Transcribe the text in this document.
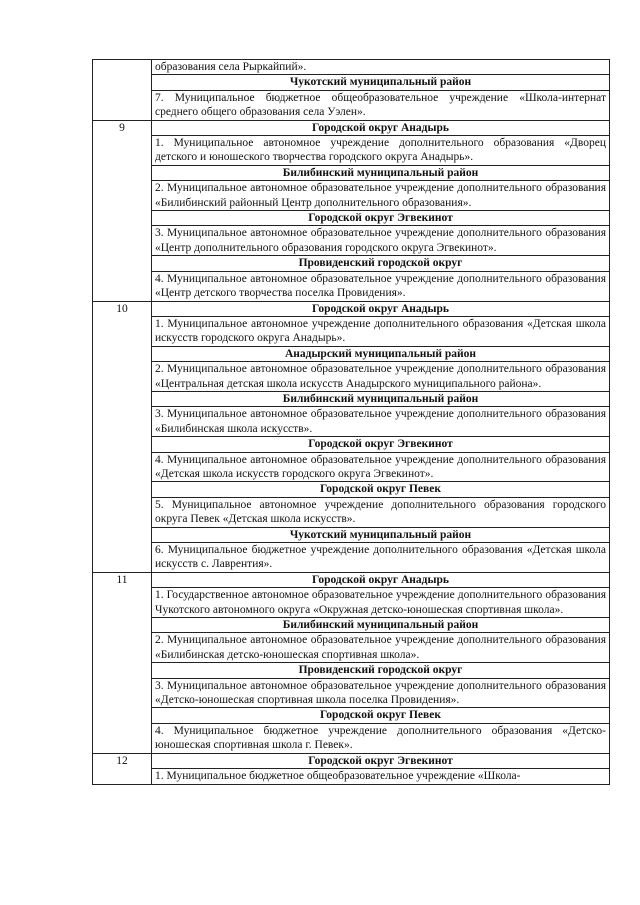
	образования села Рыркайпий».
	Чукотский муниципальный район
	7. Муниципальное бюджетное общеобразовательное учреждение «Школа-интернат среднего общего образования села Уэлен».
9	Городской округ Анадырь
	1. Муниципальное автономное учреждение дополнительного образования «Дворец детского и юношеского творчества городского округа Анадырь».
	Билибинский муниципальный район
	2. Муниципальное автономное образовательное учреждение дополнительного образования «Билибинский районный Центр дополнительного образования».
	Городской округ Эгвекинот
	3. Муниципальное автономное образовательное учреждение дополнительного образования «Центр дополнительного образования городского округа Эгвекинот».
	Провиденский городской округ
	4. Муниципальное автономное образовательное учреждение дополнительного образования «Центр детского творчества поселка Провидения».
10	Городской округ Анадырь
	1. Муниципальное автономное учреждение дополнительного образования «Детская школа искусств городского округа Анадырь».
	Анадырский муниципальный район
	2. Муниципальное автономное образовательное учреждение дополнительного образования «Центральная детская школа искусств Анадырского муниципального района».
	Билибинский муниципальный район
	3. Муниципальное автономное образовательное учреждение дополнительного образования «Билибинская школа искусств».
	Городской округ Эгвекинот
	4. Муниципальное автономное образовательное учреждение дополнительного образования «Детская школа искусств городского округа Эгвекинот».
	Городской округ Певек
	5. Муниципальное автономное учреждение дополнительного образования городского округа Певек «Детская школа искусств».
	Чукотский муниципальный район
	6. Муниципальное бюджетное учреждение дополнительного образования «Детская школа искусств с. Лаврентия».
11	Городской округ Анадырь
	1. Государственное автономное образовательное учреждение дополнительного образования Чукотского автономного округа «Окружная детско-юношеская спортивная школа».
	Билибинский муниципальный район
	2. Муниципальное автономное образовательное учреждение дополнительного образования «Билибинская детско-юношеская спортивная школа».
	Провиденский городской округ
	3. Муниципальное автономное образовательное учреждение дополнительного образования «Детско-юношеская спортивная школа поселка Провидения».
	Городской округ Певек
	4. Муниципальное бюджетное учреждение дополнительного образования «Детско-юношеская спортивная школа г. Певек».
12	Городской округ Эгвекинот
	1. Муниципальное бюджетное общеобразовательное учреждение «Школа-
